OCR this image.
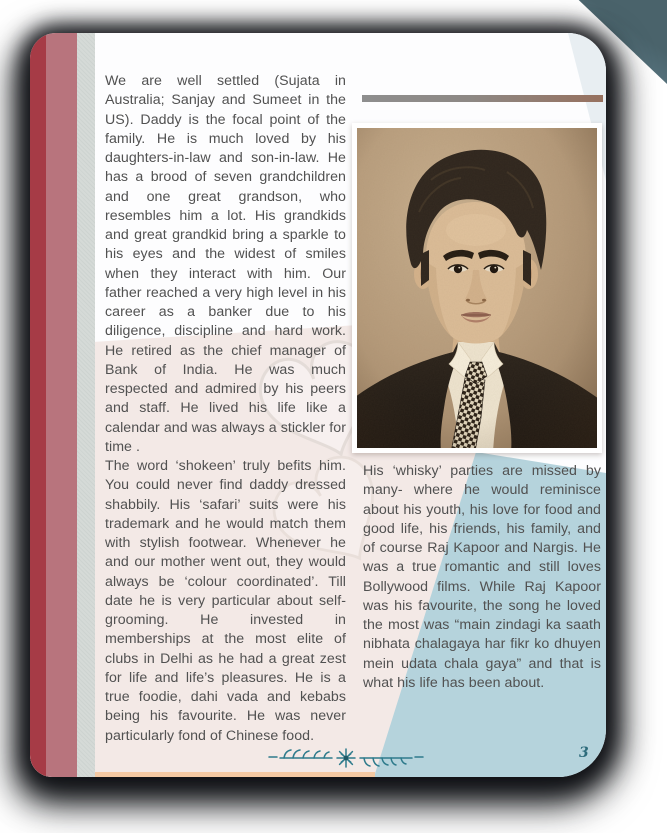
We are well settled (Sujata in Australia; Sanjay and Sumeet in the US). Daddy is the focal point of the family. He is much loved by his daughters-in-law and son-in-law. He has a brood of seven grandchildren and one great grandson, who resembles him a lot. His grandkids and great grandkid bring a sparkle to his eyes and the widest of smiles when they interact with him. Our father reached a very high level in his career as a banker due to his diligence, discipline and hard work. He retired as the chief manager of Bank of India. He was much respected and admired by his peers and staff. He lived his life like a calendar and was always a stickler for time .

The word ‘shokeen’ truly befits him. You could never find daddy dressed shabbily. His ‘safari’ suits were his trademark and he would match them with stylish footwear. Whenever he and our mother went out, they would always be ‘colour coordinated’. Till date he is very particular about self-grooming. He invested in memberships at the most elite of clubs in Delhi as he had a great zest for life and life’s pleasures. He is a true foodie, dahi vada and kebabs being his favourite. He was never particularly fond of Chinese food.

His ‘whisky’ parties are missed by many- where he would reminisce about his youth, his love for food and good life, his friends, his family, and of course Raj Kapoor and Nargis. He was a true romantic and still loves Bollywood films. While Raj Kapoor was his favourite, the song he loved the most was “main zindagi ka saath nibhata chalagaya har fikr ko dhuyen mein udata chala gaya” and that is what his life has been about.

3
